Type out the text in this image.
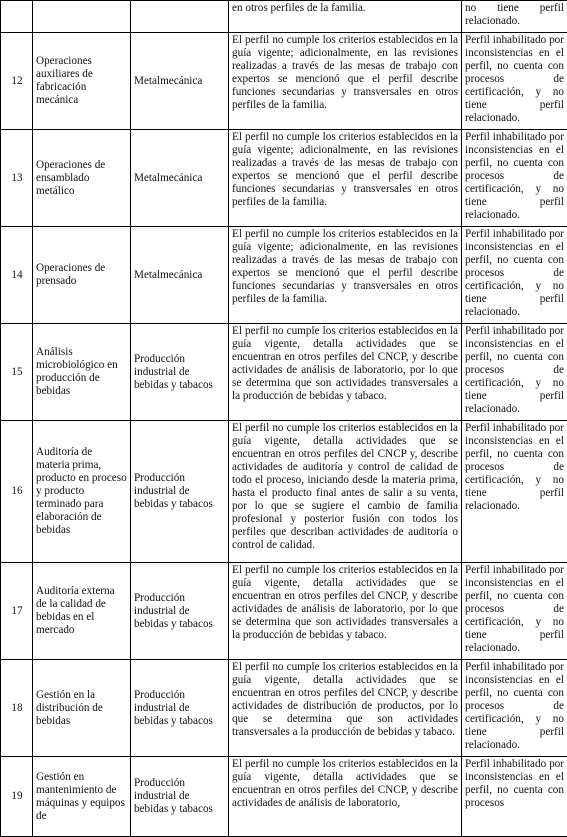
			en otros perfiles de la familia.	no tiene perfil relacionado.
12	Operaciones auxiliares de fabricación mecánica	Metalmecánica	El perfil no cumple los criterios establecidos en la guía vigente; adicionalmente, en las revisiones realizadas a través de las mesas de trabajo con expertos se mencionó que el perfil describe funciones secundarias y transversales en otros perfiles de la familia.	Perfil inhabilitado por inconsistencias en el perfil, no cuenta con procesos de certificación, y no tiene perfil relacionado.
13	Operaciones de ensamblado metálico	Metalmecánica	El perfil no cumple los criterios establecidos en la guía vigente; adicionalmente, en las revisiones realizadas a través de las mesas de trabajo con expertos se mencionó que el perfil describe funciones secundarias y transversales en otros perfiles de la familia.	Perfil inhabilitado por inconsistencias en el perfil, no cuenta con procesos de certificación, y no tiene perfil relacionado.
14	Operaciones de prensado	Metalmecánica	El perfil no cumple los criterios establecidos en la guía vigente; adicionalmente, en las revisiones realizadas a través de las mesas de trabajo con expertos se mencionó que el perfil describe funciones secundarias y transversales en otros perfiles de la familia.	Perfil inhabilitado por inconsistencias en el perfil, no cuenta con procesos de certificación, y no tiene perfil relacionado.
15	Análisis microbiológico en producción de bebidas	Producción industrial de bebidas y tabacos	El perfil no cumple los criterios establecidos en la guía vigente, detalla actividades que se encuentran en otros perfiles del CNCP, y describe actividades de análisis de laboratorio, por lo que se determina que son actividades transversales a la producción de bebidas y tabaco.	Perfil inhabilitado por inconsistencias en el perfil, no cuenta con procesos de certificación, y no tiene perfil relacionado.
16	Auditoría de materia prima, producto en proceso y producto terminado para elaboración de bebidas	Producción industrial de bebidas y tabacos	El perfil no cumple los criterios establecidos en la guía vigente, detalla actividades que se encuentran en otros perfiles del CNCP y, describe actividades de auditoría y control de calidad de todo el proceso, iniciando desde la materia prima, hasta el producto final antes de salir a su venta, por lo que se sugiere el cambio de familia profesional y posterior fusión con todos los perfiles que describan actividades de auditoría o control de calidad.	Perfil inhabilitado por inconsistencias en el perfil, no cuenta con procesos de certificación, y no tiene perfil relacionado.
17	Auditoría externa de la calidad de bebidas en el mercado	Producción industrial de bebidas y tabacos	El perfil no cumple los criterios establecidos en la guía vigente, detalla actividades que se encuentran en otros perfiles del CNCP, y describe actividades de análisis de laboratorio, por lo que se determina que son actividades transversales a la producción de bebidas y tabaco.	Perfil inhabilitado por inconsistencias en el perfil, no cuenta con procesos de certificación, y no tiene perfil relacionado.
18	Gestión en la distribución de bebidas	Producción industrial de bebidas y tabacos	El perfil no cumple los criterios establecidos en la guía vigente, detalla actividades que se encuentran en otros perfiles del CNCP, y describe actividades de distribución de productos, por lo que se determina que son actividades transversales a la producción de bebidas y tabaco.	Perfil inhabilitado por inconsistencias en el perfil, no cuenta con procesos de certificación, y no tiene perfil relacionado.
19	Gestión en mantenimiento de máquinas y equipos de	Producción industrial de bebidas y tabacos	El perfil no cumple los criterios establecidos en la guía vigente, detalla actividades que se encuentran en otros perfiles del CNCP, y describe actividades de análisis de laboratorio,	Perfil inhabilitado por inconsistencias en el perfil, no cuenta con procesos
